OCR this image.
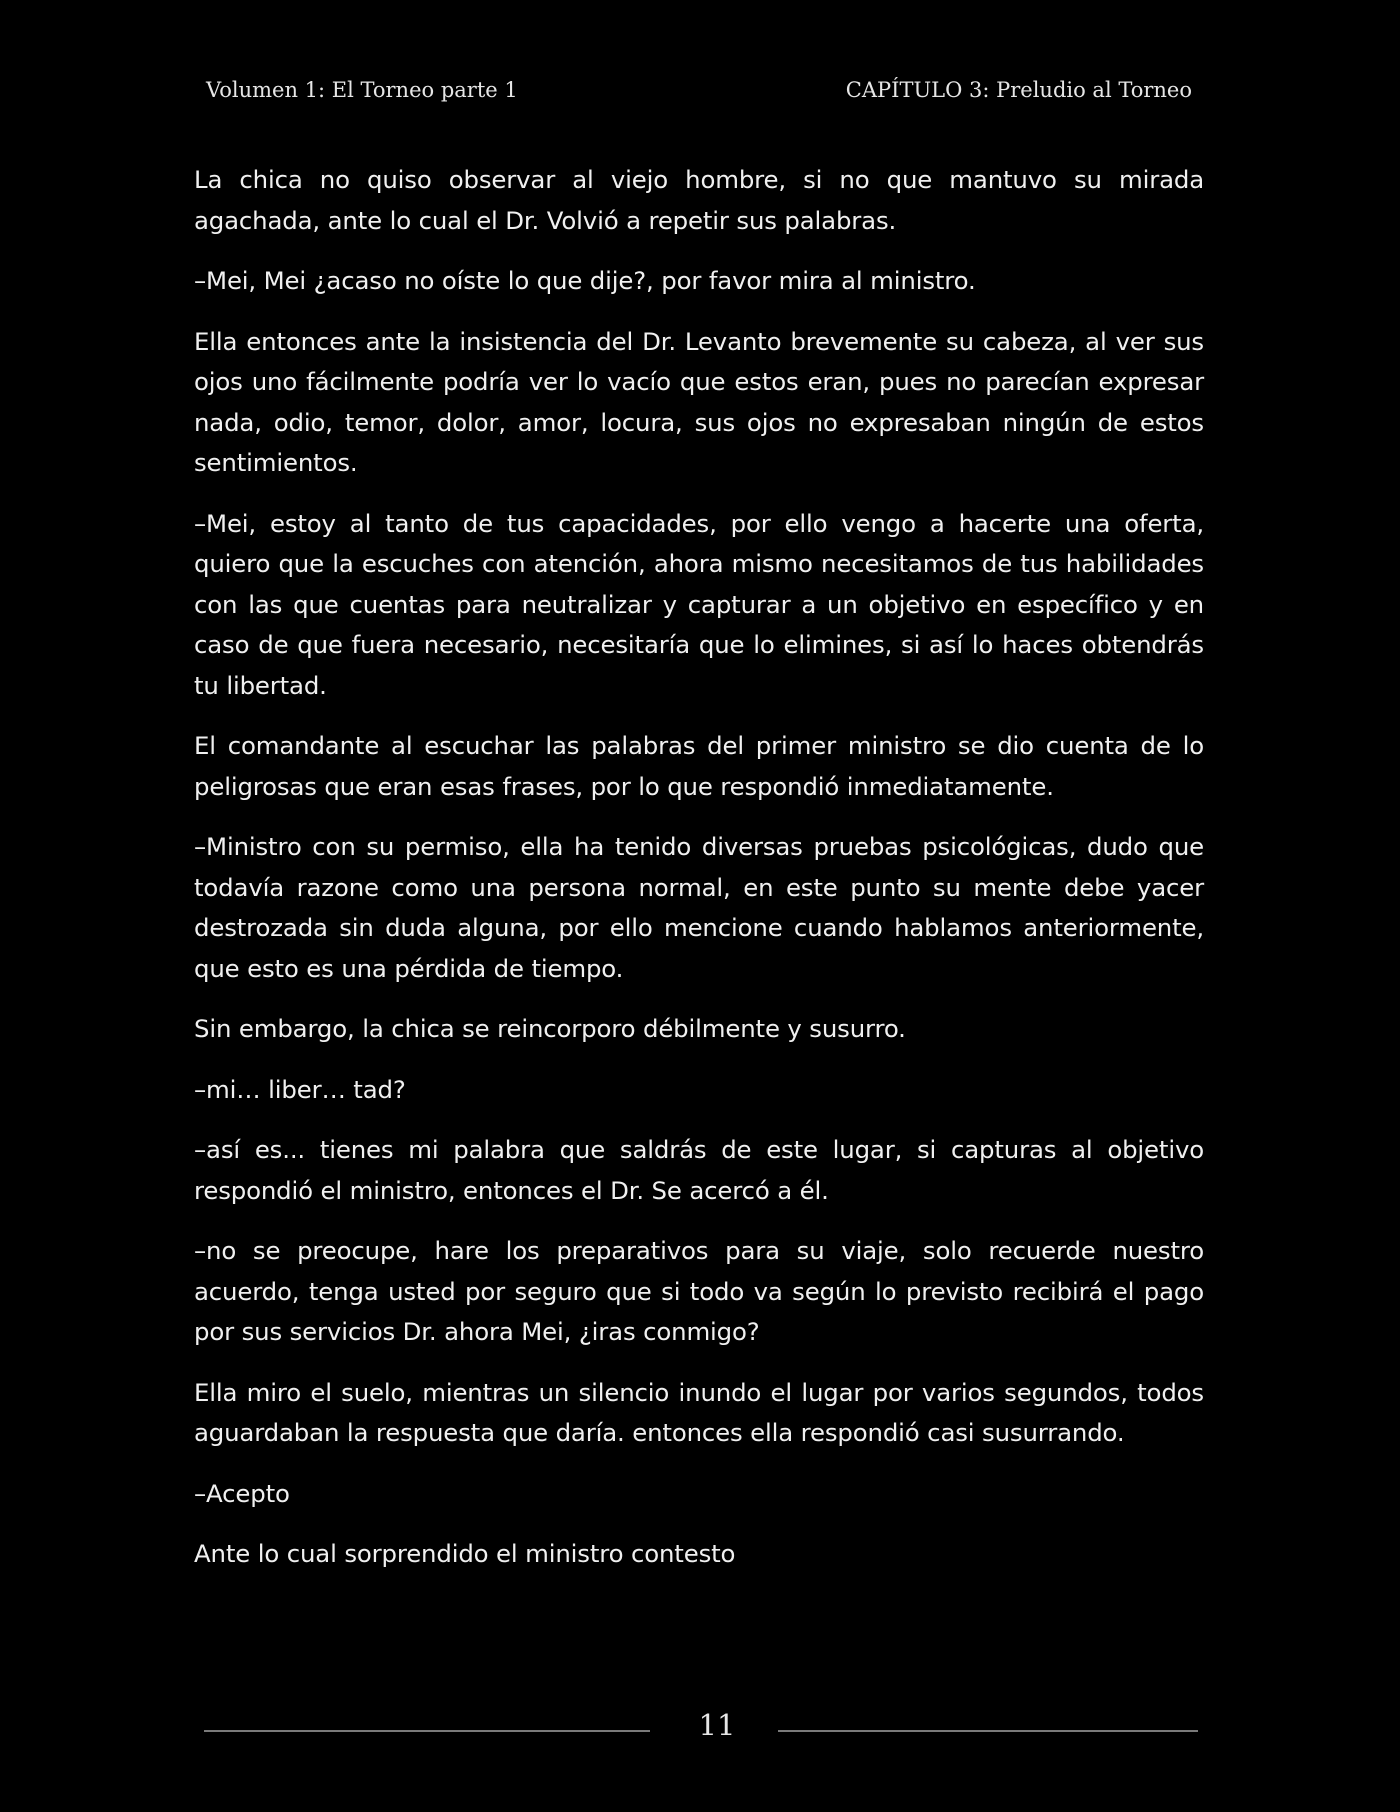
Volumen 1: El Torneo parte 1	CAPÍTULO 3: Preludio al Torneo

La chica no quiso observar al viejo hombre, si no que mantuvo su mirada agachada, ante lo cual el Dr. Volvió a repetir sus palabras.

–Mei, Mei ¿acaso no oíste lo que dije?, por favor mira al ministro.

Ella entonces ante la insistencia del Dr. Levanto brevemente su cabeza, al ver sus ojos uno fácilmente podría ver lo vacío que estos eran, pues no parecían expresar nada, odio, temor, dolor, amor, locura, sus ojos no expresaban ningún de estos sentimientos.

–Mei, estoy al tanto de tus capacidades, por ello vengo a hacerte una oferta, quiero que la escuches con atención, ahora mismo necesitamos de tus habilidades con las que cuentas para neutralizar y capturar a un objetivo en específico y en caso de que fuera necesario, necesitaría que lo elimines, si así lo haces obtendrás tu libertad.

El comandante al escuchar las palabras del primer ministro se dio cuenta de lo peligrosas que eran esas frases, por lo que respondió inmediatamente.

–Ministro con su permiso, ella ha tenido diversas pruebas psicológicas, dudo que todavía razone como una persona normal, en este punto su mente debe yacer destrozada sin duda alguna, por ello mencione cuando hablamos anteriormente, que esto es una pérdida de tiempo.

Sin embargo, la chica se reincorporo débilmente y susurro.

–mi… liber… tad?

–así es... tienes mi palabra que saldrás de este lugar, si capturas al objetivo respondió el ministro, entonces el Dr. Se acercó a él.

–no se preocupe, hare los preparativos para su viaje, solo recuerde nuestro acuerdo, tenga usted por seguro que si todo va según lo previsto recibirá el pago por sus servicios Dr. ahora Mei, ¿iras conmigo?

Ella miro el suelo, mientras un silencio inundo el lugar por varios segundos, todos aguardaban la respuesta que daría. entonces ella respondió casi susurrando.

–Acepto

Ante lo cual sorprendido el ministro contesto

11
